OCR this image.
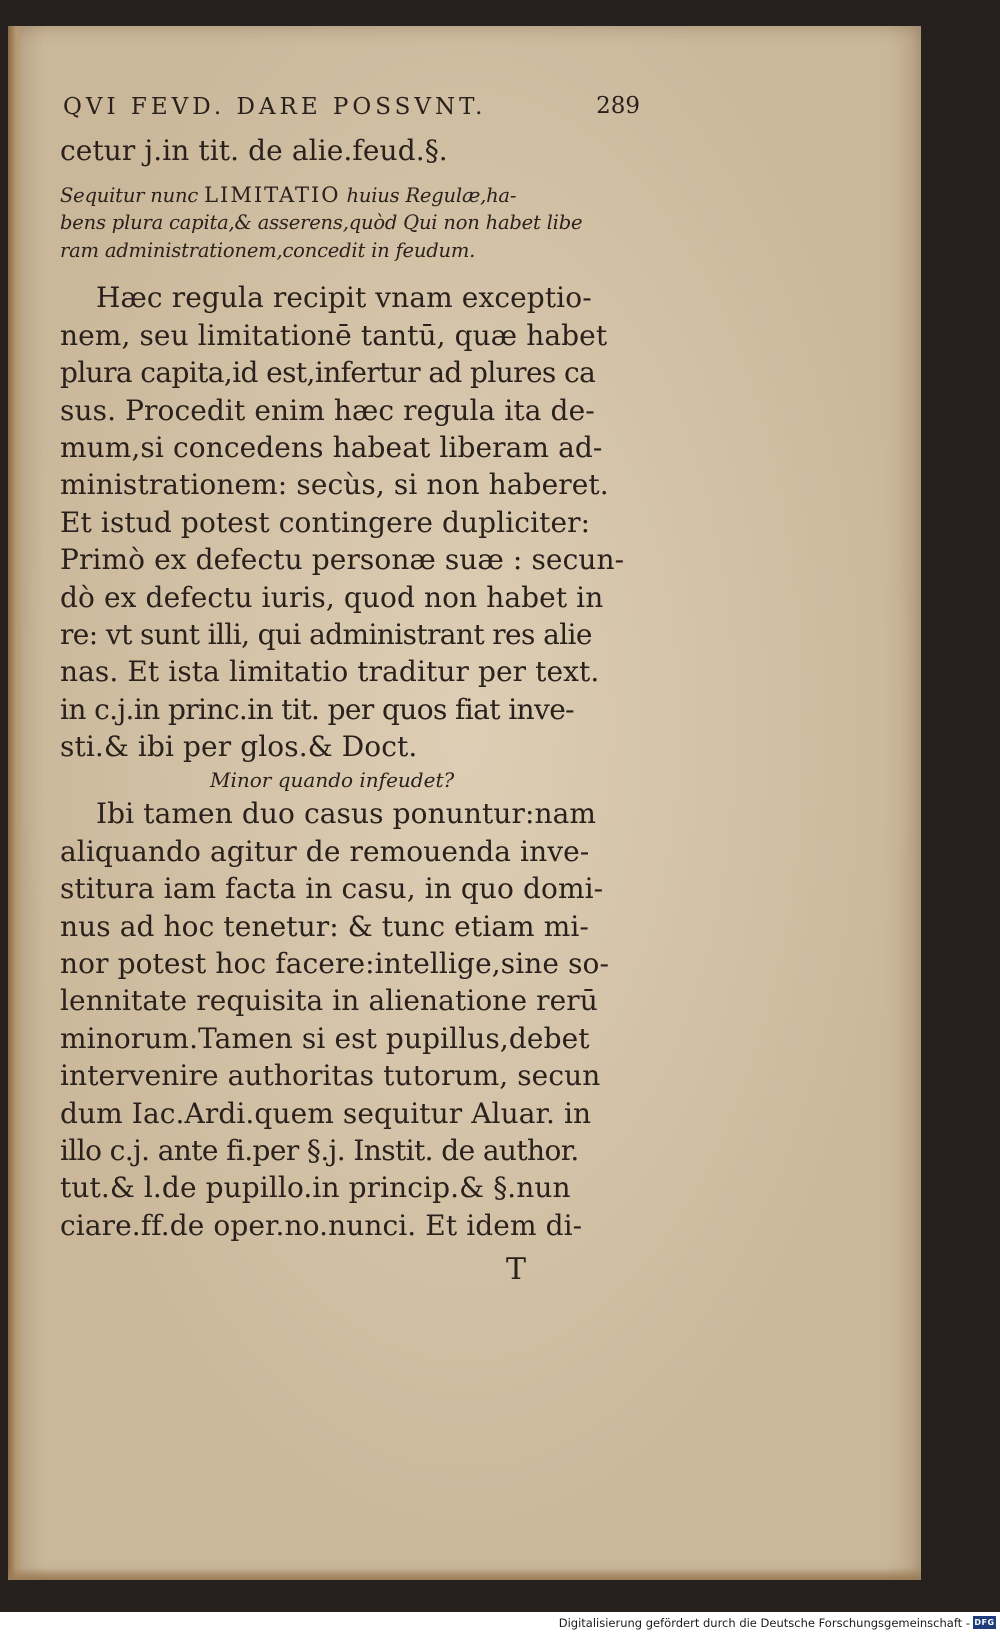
QVI FEVD. DARE POSSVNT.	289
cetur j.in tit. de alie.feud.§.
Sequitur nunc LIMITATIO huius Regulæ,ha-
bens plura capita,& asserens,quòd Qui non habet libe
ram administrationem,concedit in feudum.
Hæc regula recipit vnam exceptio-
nem, seu limitationē tantū, quæ habet
plura capita,id est,infertur ad plures ca
sus. Procedit enim hæc regula ita de-
mum,si concedens habeat liberam ad-
ministrationem: secùs, si non haberet.
Et istud potest contingere dupliciter:
Primò ex defectu personæ suæ : secun-
dò ex defectu iuris, quod non habet in
re: vt sunt illi, qui administrant res alie
nas. Et ista limitatio traditur per text.
in c.j.in princ.in tit. per quos fiat inve-
sti.& ibi per glos.& Doct.
Minor quando infeudet?
Ibi tamen duo casus ponuntur:nam
aliquando agitur de remouenda inve-
stitura iam facta in casu, in quo domi-
nus ad hoc tenetur: & tunc etiam mi-
nor potest hoc facere:intellige,sine so-
lennitate requisita in alienatione rerū
minorum.Tamen si est pupillus,debet
intervenire authoritas tutorum, secun
dum Iac.Ardi.quem sequitur Aluar. in
illo c.j. ante fi.per §.j. Instit. de author.
tut.& l.de pupillo.in princip.& §.nun
ciare.ff.de oper.no.nunci. Et idem di-
T
Digitalisierung gefördert durch die Deutsche Forschungsgemeinschaft - DFG
